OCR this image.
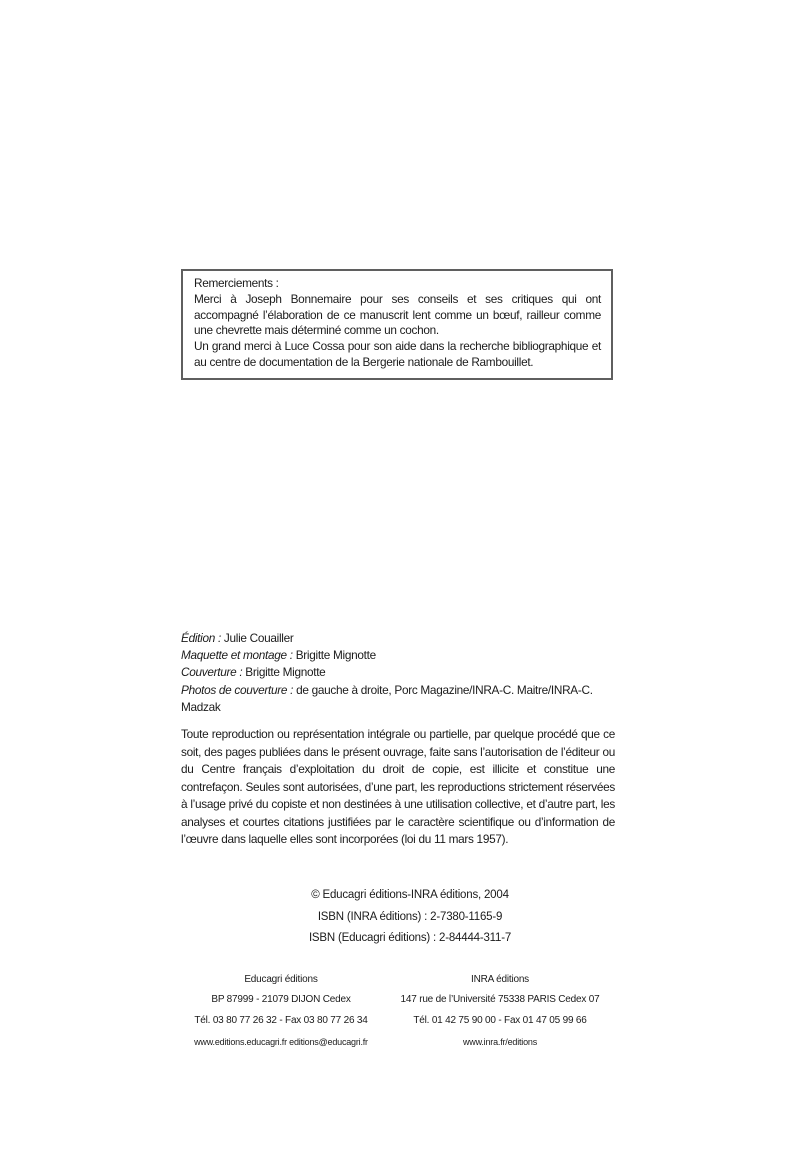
Remerciements :

Merci à Joseph Bonnemaire pour ses conseils et ses critiques qui ont accompagné l’élaboration de ce manuscrit lent comme un bœuf, railleur comme une chevrette mais déterminé comme un cochon.

Un grand merci à Luce Cossa pour son aide dans la recherche bibliographique et au centre de documentation de la Bergerie nationale de Rambouillet.

Édition : Julie Couailler
Maquette et montage : Brigitte Mignotte
Couverture : Brigitte Mignotte
Photos de couverture : de gauche à droite, Porc Magazine/INRA-C. Maitre/INRA-C. Madzak

Toute reproduction ou représentation intégrale ou partielle, par quelque procédé que ce soit, des pages publiées dans le présent ouvrage, faite sans l’autorisation de l’éditeur ou du Centre français d’exploitation du droit de copie, est illicite et constitue une contrefaçon. Seules sont autorisées, d’une part, les reproductions strictement réservées à l’usage privé du copiste et non destinées à une utilisation collective, et d’autre part, les analyses et courtes citations justifiées par le caractère scientifique ou d’information de l’œuvre dans laquelle elles sont incorporées (loi du 11 mars 1957).

© Educagri éditions-INRA éditions, 2004
ISBN (INRA éditions) : 2-7380-1165-9
ISBN (Educagri éditions) : 2-84444-311-7
Educagri éditions
BP 87999 - 21079 DIJON Cedex
Tél. 03 80 77 26 32 - Fax 03 80 77 26 34
www.editions.educagri.fr editions@educagri.fr
INRA éditions
147 rue de l’Université 75338 PARIS Cedex 07
Tél. 01 42 75 90 00 - Fax 01 47 05 99 66
www.inra.fr/editions
